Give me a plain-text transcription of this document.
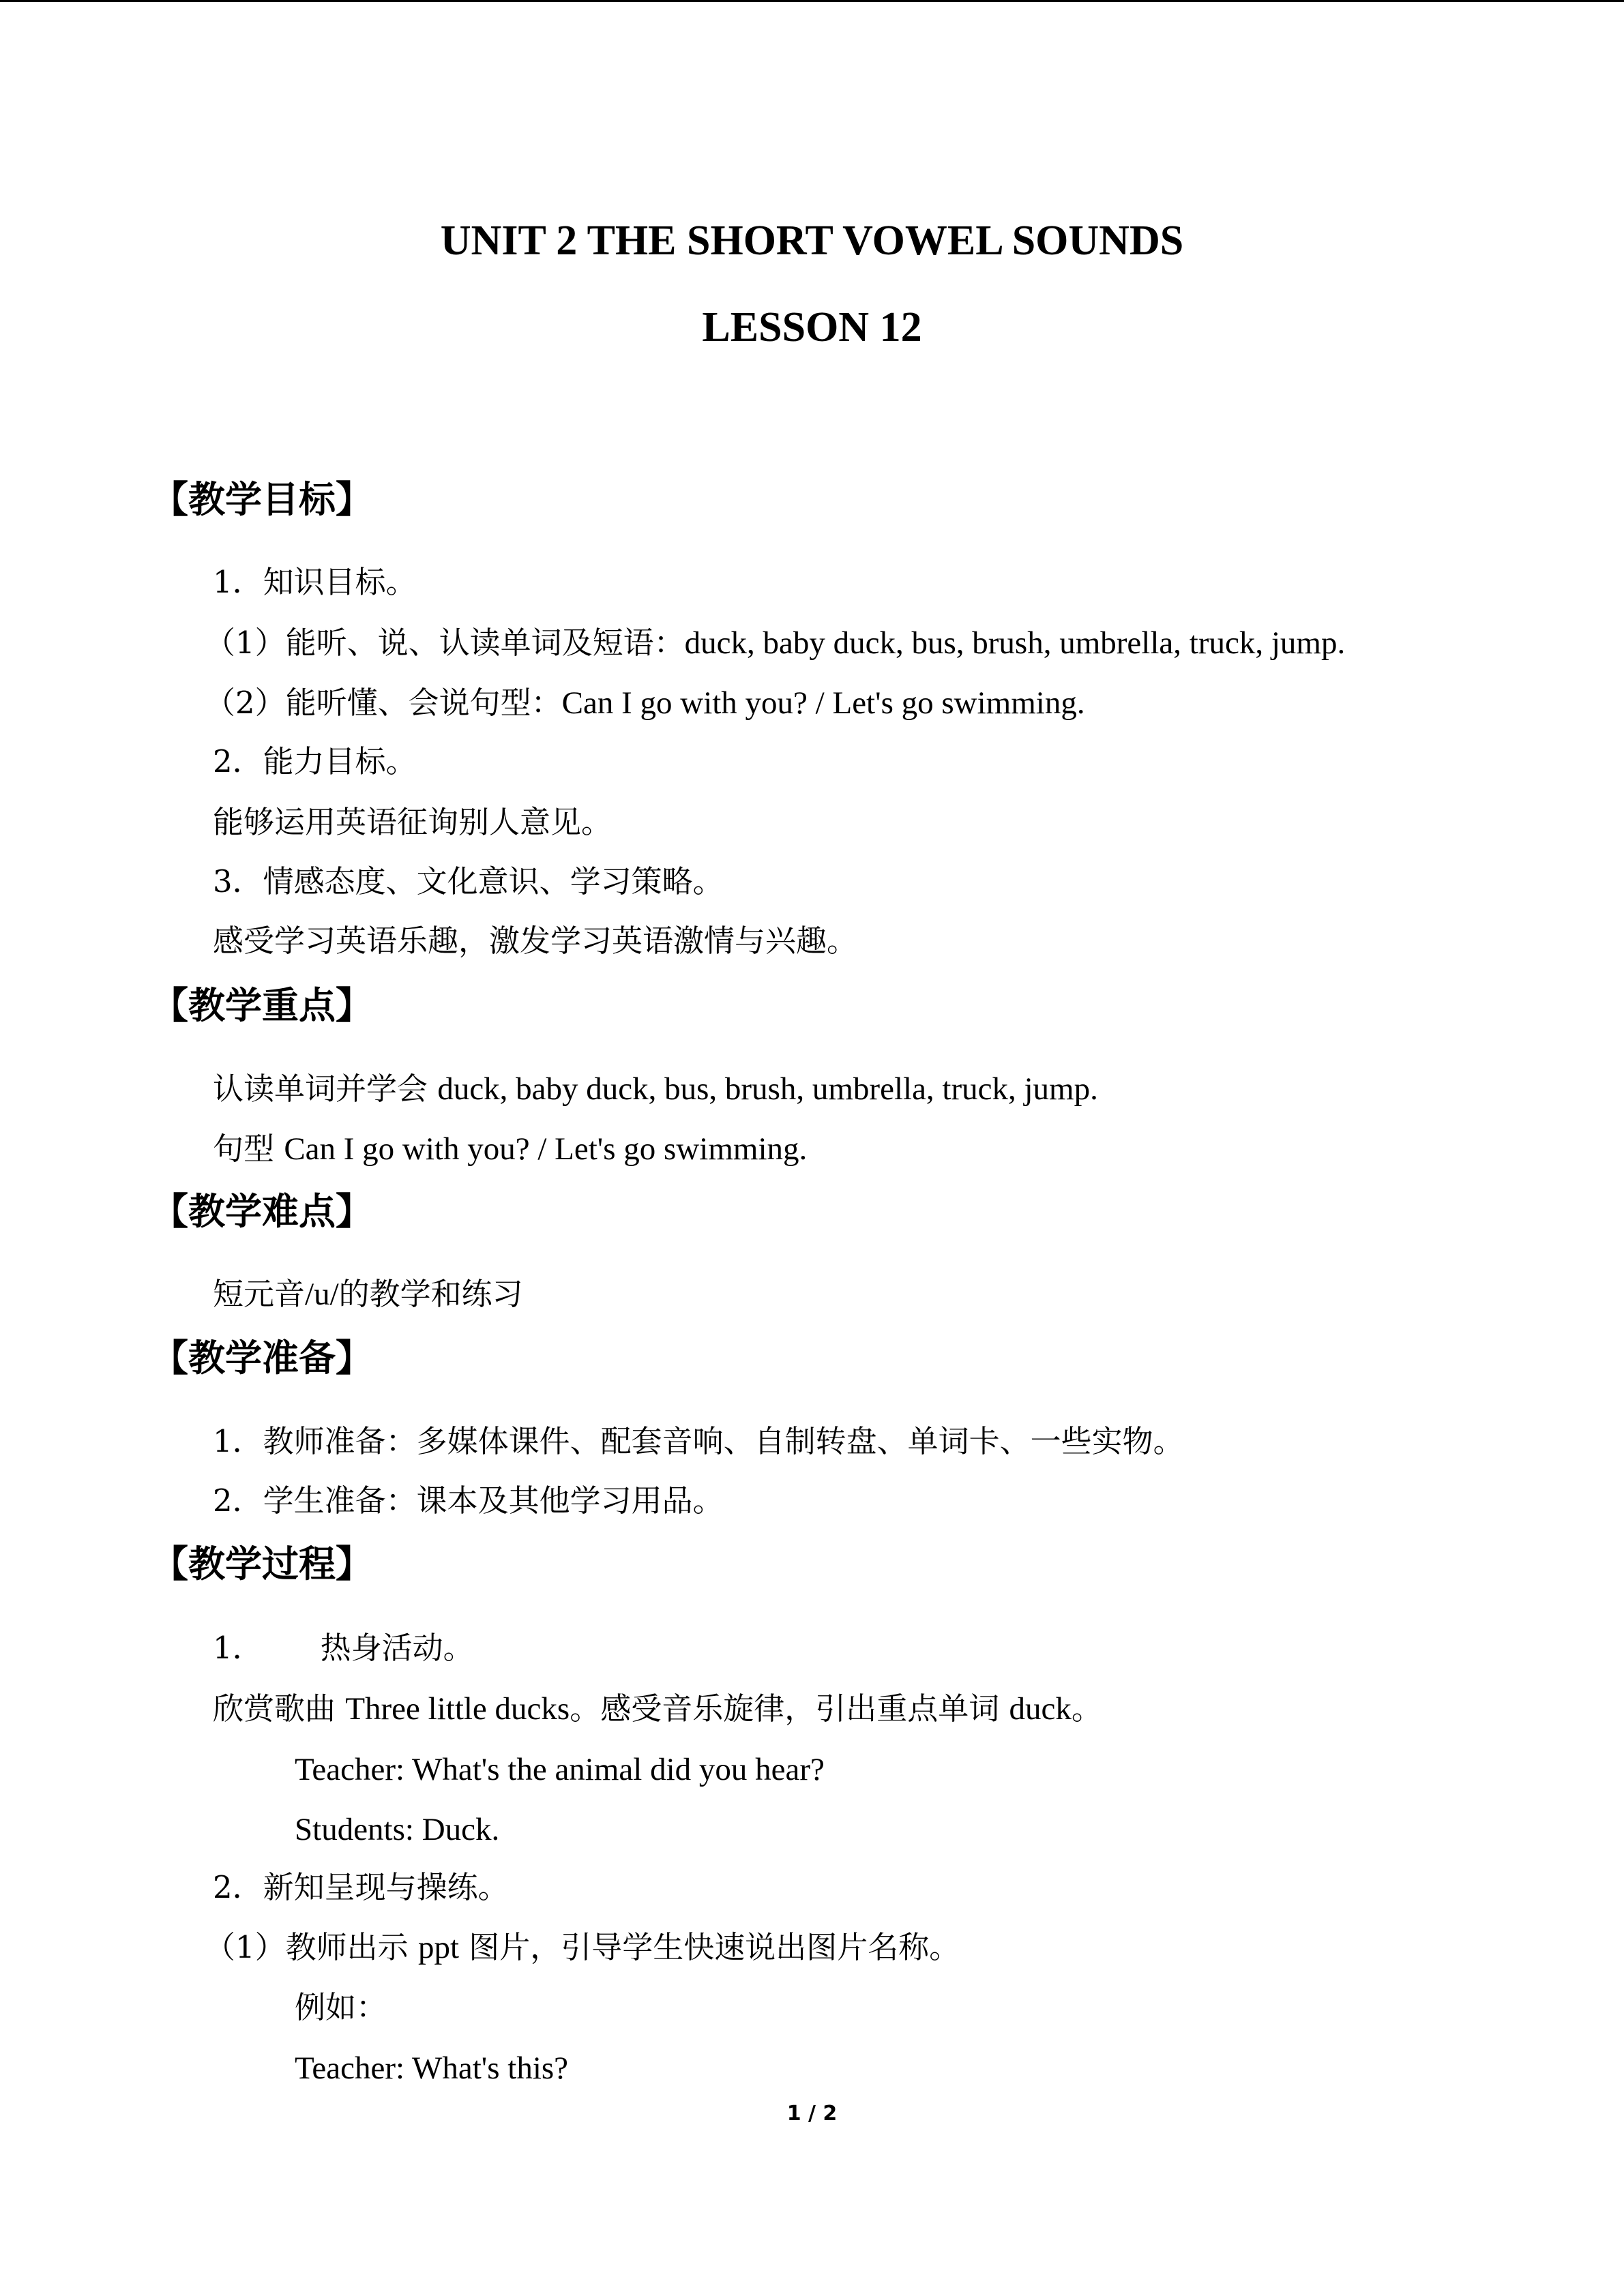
UNIT 2 THE SHORT VOWEL SOUNDS
LESSON 12
【教学目标】
1．知识目标。
（1）能听、说、认读单词及短语：duck, baby duck, bus, brush, umbrella, truck, jump.
（2）能听懂、会说句型：Can I go with you? / Let's go swimming.
2．能力目标。
能够运用英语征询别人意见。
3．情感态度、文化意识、学习策略。
感受学习英语乐趣，激发学习英语激情与兴趣。
【教学重点】
认读单词并学会 duck, baby duck, bus, brush, umbrella, truck, jump.
句型 Can I go with you? / Let's go swimming.
【教学难点】
短元音/u/的教学和练习
【教学准备】
1．教师准备：多媒体课件、配套音响、自制转盘、单词卡、一些实物。
2．学生准备：课本及其他学习用品。
【教学过程】
1． 热身活动。
欣赏歌曲 Three little ducks。感受音乐旋律，引出重点单词 duck。
Teacher: What's the animal did you hear?
Students: Duck.
2．新知呈现与操练。
（1）教师出示 ppt 图片，引导学生快速说出图片名称。
例如：
Teacher: What's this?
1 / 2
